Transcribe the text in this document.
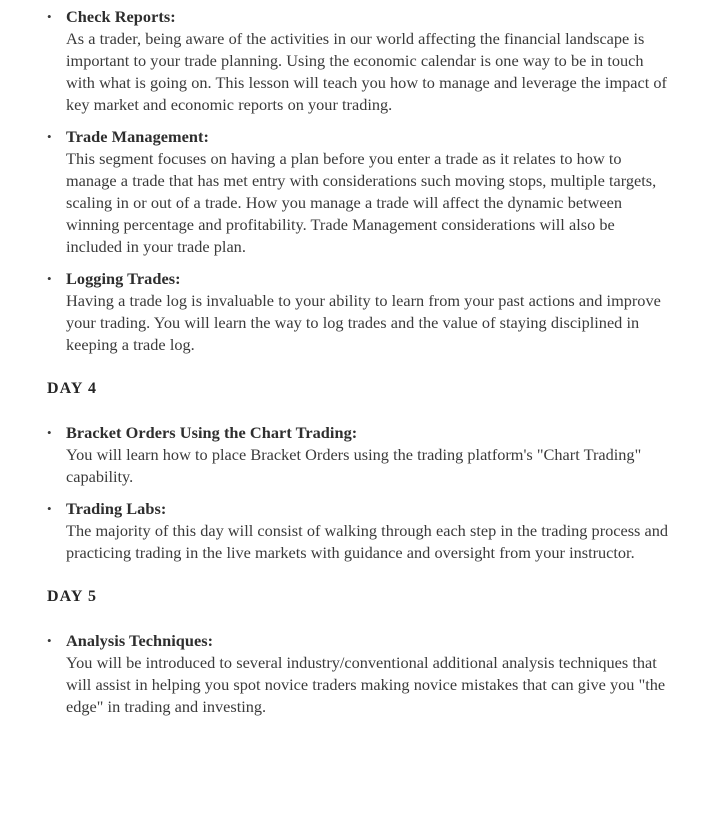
• Check Reports:
As a trader, being aware of the activities in our world affecting the financial landscape is important to your trade planning. Using the economic calendar is one way to be in touch with what is going on. This lesson will teach you how to manage and leverage the impact of key market and economic reports on your trading.
• Trade Management:
This segment focuses on having a plan before you enter a trade as it relates to how to manage a trade that has met entry with considerations such moving stops, multiple targets, scaling in or out of a trade. How you manage a trade will affect the dynamic between winning percentage and profitability. Trade Management considerations will also be included in your trade plan.
• Logging Trades:
Having a trade log is invaluable to your ability to learn from your past actions and improve your trading. You will learn the way to log trades and the value of staying disciplined in keeping a trade log.
DAY 4
• Bracket Orders Using the Chart Trading:
You will learn how to place Bracket Orders using the trading platform's "Chart Trading" capability.
• Trading Labs:
The majority of this day will consist of walking through each step in the trading process and practicing trading in the live markets with guidance and oversight from your instructor.
DAY 5
• Analysis Techniques:
You will be introduced to several industry/conventional additional analysis techniques that will assist in helping you spot novice traders making novice mistakes that can give you "the edge" in trading and investing.
